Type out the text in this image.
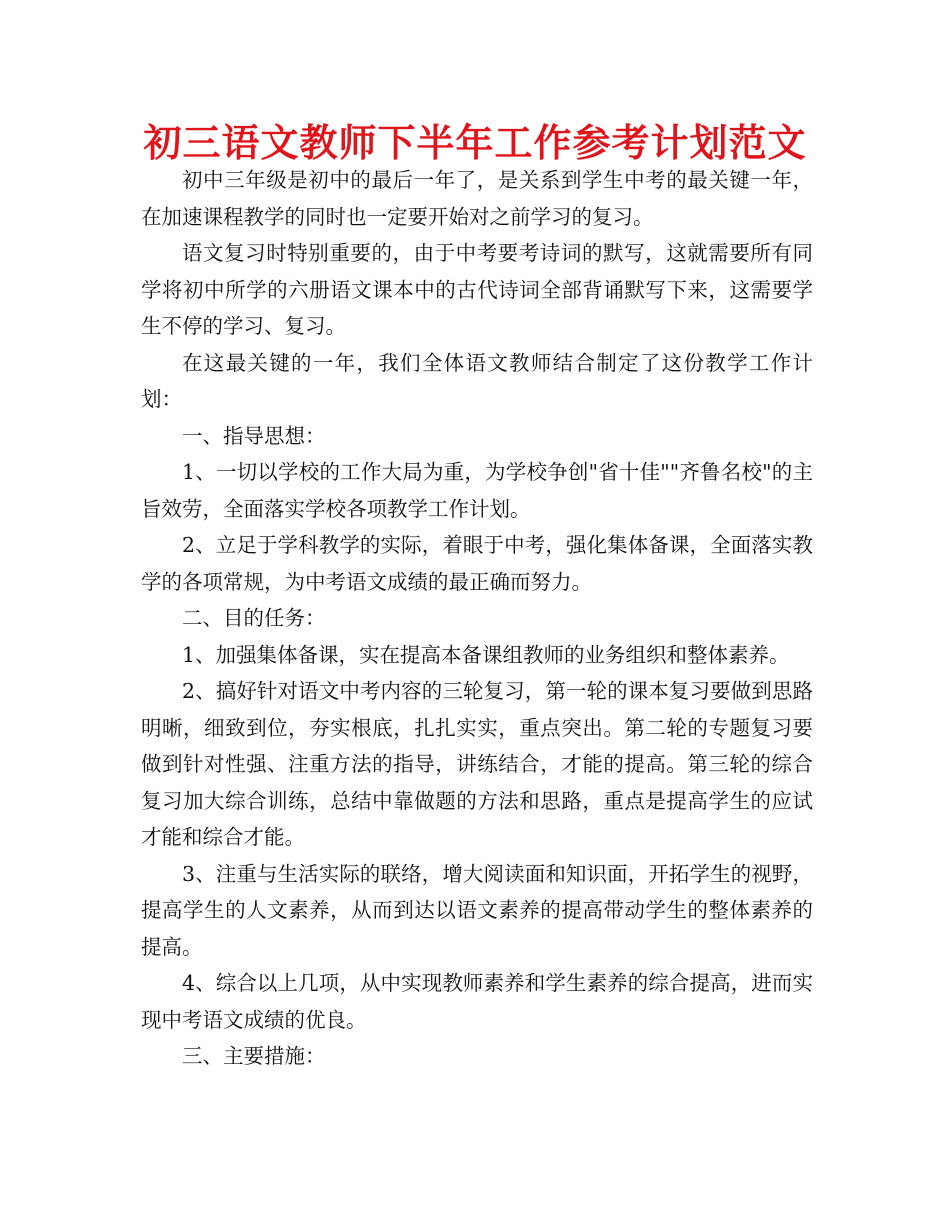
初三语文教师下半年工作参考计划范文

初中三年级是初中的最后一年了，是关系到学生中考的最关键一年，在加速课程教学的同时也一定要开始对之前学习的复习。

语文复习时特别重要的，由于中考要考诗词的默写，这就需要所有同学将初中所学的六册语文课本中的古代诗词全部背诵默写下来，这需要学生不停的学习、复习。

在这最关键的一年，我们全体语文教师结合制定了这份教学工作计划：

一、指导思想：

1、一切以学校的工作大局为重，为学校争创"省十佳""齐鲁名校"的主旨效劳，全面落实学校各项教学工作计划。

2、立足于学科教学的实际，着眼于中考，强化集体备课，全面落实教学的各项常规，为中考语文成绩的最正确而努力。

二、目的任务：

1、加强集体备课，实在提高本备课组教师的业务组织和整体素养。

2、搞好针对语文中考内容的三轮复习，第一轮的课本复习要做到思路明晰，细致到位，夯实根底，扎扎实实，重点突出。第二轮的专题复习要做到针对性强、注重方法的指导，讲练结合，才能的提高。第三轮的综合复习加大综合训练，总结中靠做题的方法和思路，重点是提高学生的应试才能和综合才能。

3、注重与生活实际的联络，增大阅读面和知识面，开拓学生的视野，提高学生的人文素养，从而到达以语文素养的提高带动学生的整体素养的提高。

4、综合以上几项，从中实现教师素养和学生素养的综合提高，进而实现中考语文成绩的优良。

三、主要措施：
